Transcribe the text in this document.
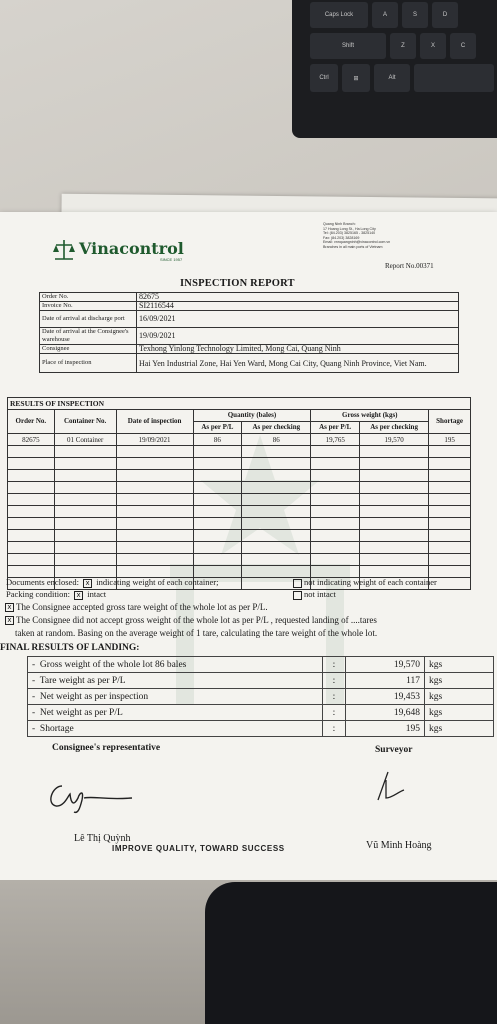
Caps Lock	A	S	D
Shift	Z	X	C
Ctrl	⊞	Alt
Vinacontrol
SINCE 1957
Quang Ninh Branch:
17 Hoang Long St., Ha Long City
Tel: (84.203) 3825165 - 3825140
Fax: (84.203) 3828169
Email: vnnquangninh@vinacontrol.com.vn
Branches in all main ports of Vietnam
Report No.00371
INSPECTION REPORT
Order No.	82675
Invoice No.	SI2116544
Date of arrival at discharge port	16/09/2021
Date of arrival at the Consignee's warehouse	19/09/2021
Consignee	Texhong Yinlong Technology Limited, Mong Cai, Quang Ninh
Place of inspection	Hai Yen Industrial Zone, Hai Yen Ward, Mong Cai City, Quang Ninh Province, Viet Nam.
RESULTS OF INSPECTION							
Order No.	Container No.	Date of inspection	Quantity (bales)		Gross weight (kgs)		Shortage
			As per P/L	As per checking	As per P/L	As per checking	
82675	01 Container	19/09/2021	86	86	19,765	19,570	195

Documents enclosed: x indicating weight of each container;	not indicating weight of each container
Packing condition: x intact	not intact
x The Consignee accepted gross tare weight of the whole lot as per P/L.
x The Consignee did not accept gross weight of the whole lot as per P/L , requested landing of ....tares
taken at random. Basing on the average weight of 1 tare, calculating the tare weight of the whole lot.
FINAL RESULTS OF LANDING:
-  Gross weight of the whole lot 86 bales	:	19,570	kgs
-  Tare weight as per P/L	:	117	kgs
-  Net weight as per inspection	:	19,453	kgs
-  Net weight as per P/L	:	19,648	kgs
-  Shortage	:	195	kgs
Consignee's representative	Surveyor
Lê Thị Quỳnh
Vũ Minh Hoàng
IMPROVE QUALITY, TOWARD SUCCESS
